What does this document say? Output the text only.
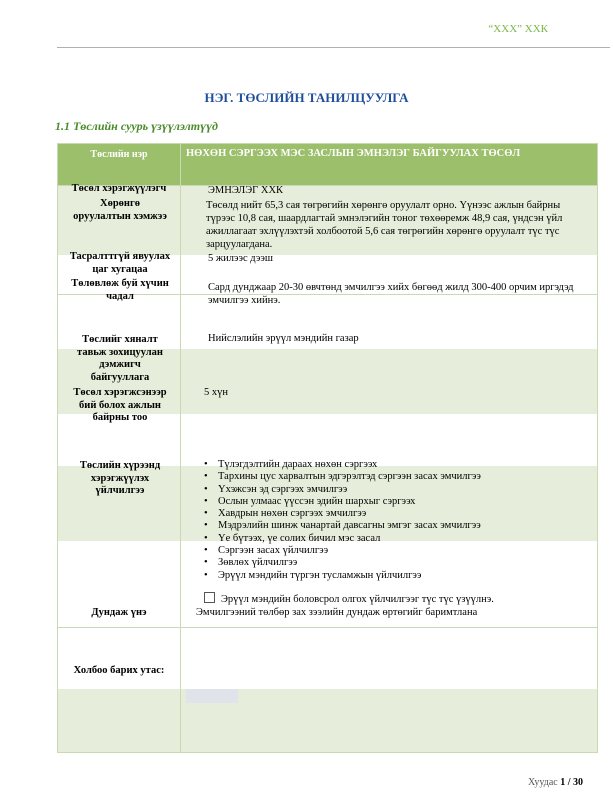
“XXX” ХХК
НЭГ. ТӨСЛИЙН ТАНИЛЦУУЛГА
1.1 Төслийн суурь үзүүлэлтүүд
Төслийн нэр	НӨХӨН СЭРГЭЭХ МЭС ЗАСЛЫН ЭМНЭЛЭГ БАЙГУУЛАХ ТӨСӨЛ
Төсөл хэрэгжүүлэгч
Хөрөнгө оруулалтын хэмжээ
Тасралттгүй явуулах цаг хугацаа
Төлөвлөж буй хүчин чадал
Төслийг хяналт тавьж зохицуулан дэмжигч байгууллага
Төсөл хэрэгжсэнээр бий болох ажлын байрны тоо
Төслийн хүрээнд хэрэгжүүлэх үйлчилгээ
Дундаж үнэ
Холбоо барих утас:
ЭМНЭЛЭГ ХХК
Төсөлд нийт 65,3 сая төгрөгийн хөрөнгө оруулалт орно. Үүнээс ажлын байрны түрээс 10,8 сая, шаардлагтай эмнэлэгийн тоног төхөөремж 48,9 сая, үндсэн үйл ажиллагаат эхлүүлэхтэй холбоотой 5,6 сая төгрөгийн хөрөнгө оруулалт түс түс зарцуулагдана.
5 жилээс дээш
Сард дунджаар 20-30 өвчтөнд эмчилгээ хийх бөгөөд жилд 300-400 орчим иргэдэд эмчилгээ хийнэ.
Нийслэлийн эрүүл мэндийн газар
5 хүн
• Түлэгдэлтийн дараах нөхөн сэргээх
• Тархины цус харвалтын эдгэрэлтэд сэргээн засах эмчилгээ
• Үхэжсэн эд сэргээх эмчилгээ
• Ослын улмаас үүссэн эдийн шархыг сэргээх
• Хавдрын нөхөн сэргээх эмчилгээ
• Мэдрэлийн шинж чанартай давсагны эмгэг засах эмчилгээ
• Үе бүтээх, үе солих бичил мэс засал
• Сэргээн засах үйлчилгээ
• Зөвлөх үйлчилгээ
• Эрүүл мэндийн түргэн тусламжын үйлчилгээ
Эрүүл мэндийн боловсрол олгох үйлчилгээг түс түс үзүүлнэ.
Эмчилгээний төлбөр зах зээлийн дундаж өртөгийг баримтлана
Хуудас 1 / 30
